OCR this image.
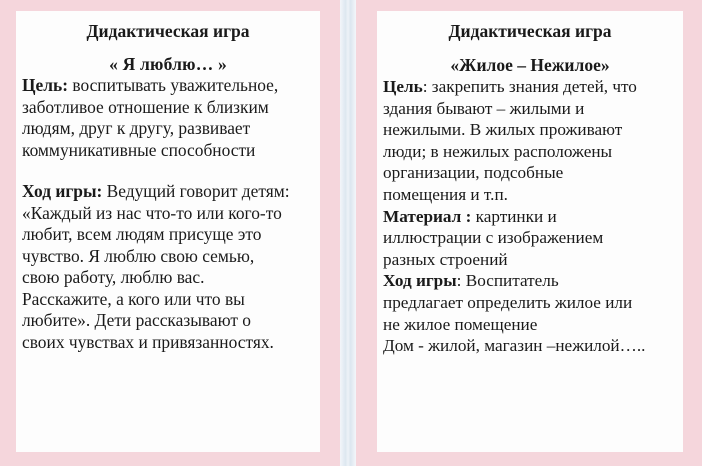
Дидактическая игра
« Я люблю… »

Цель: воспитывать уважительное,
заботливое отношение к близким
людям, друг к другу, развивает
коммуникативные способности

Ход игры: Ведущий говорит детям:
«Каждый из нас что-то или кого-то
любит, всем людям присуще это
чувство. Я люблю свою семью,
свою работу, люблю вас.
Расскажите, а кого или что вы
любите». Дети рассказывают о
своих чувствах и привязанностях.

Дидактическая игра
«Жилое – Нежилое»

Цель: закрепить знания детей, что
здания бывают – жилыми и
нежилыми. В жилых проживают
люди; в нежилых расположены
организации, подсобные
помещения и т.п.

Материал : картинки и
иллюстрации с изображением
разных строений

Ход игры: Воспитатель
предлагает определить жилое или
не жилое помещение
Дом - жилой, магазин –нежилой…..
